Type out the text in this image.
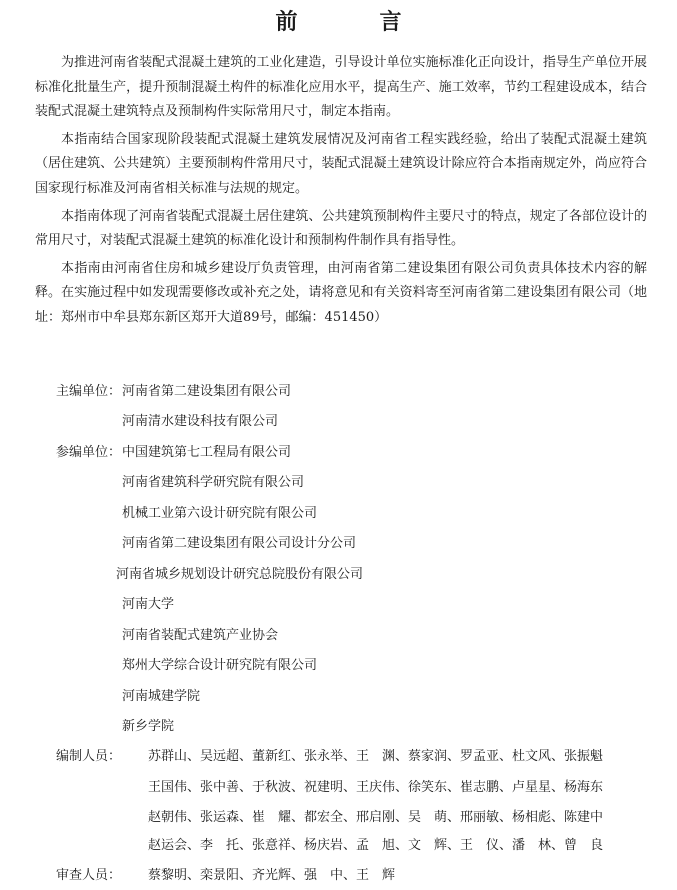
前　言

为推进河南省装配式混凝土建筑的工业化建造，引导设计单位实施标准化正向设计，指导生产单位开展标准化批量生产，提升预制混凝土构件的标准化应用水平，提高生产、施工效率，节约工程建设成本，结合装配式混凝土建筑特点及预制构件实际常用尺寸，制定本指南。

本指南结合国家现阶段装配式混凝土建筑发展情况及河南省工程实践经验，给出了装配式混凝土建筑（居住建筑、公共建筑）主要预制构件常用尺寸，装配式混凝土建筑设计除应符合本指南规定外，尚应符合国家现行标准及河南省相关标准与法规的规定。

本指南体现了河南省装配式混凝土居住建筑、公共建筑预制构件主要尺寸的特点，规定了各部位设计的常用尺寸，对装配式混凝土建筑的标准化设计和预制构件制作具有指导性。

本指南由河南省住房和城乡建设厅负责管理，由河南省第二建设集团有限公司负责具体技术内容的解释。在实施过程中如发现需要修改或补充之处，请将意见和有关资料寄至河南省第二建设集团有限公司（地址：郑州市中牟县郑东新区郑开大道89号，邮编：451450）

主编单位： 河南省第二建设集团有限公司
河南清水建设科技有限公司
参编单位： 中国建筑第七工程局有限公司
河南省建筑科学研究院有限公司
机械工业第六设计研究院有限公司
河南省第二建设集团有限公司设计分公司
河南省城乡规划设计研究总院股份有限公司
河南大学
河南省装配式建筑产业协会
郑州大学综合设计研究院有限公司
河南城建学院
新乡学院
编制人员： 苏群山、吴远超、董新红、张永举、王　渊、蔡家润、罗孟亚、杜文风、张振魁
王国伟、张中善、于秋波、祝建明、王庆伟、徐笑东、崔志鹏、卢星星、杨海东
赵朝伟、张运森、崔　耀、都宏全、邢启刚、吴　萌、邢丽敏、杨相彪、陈建中
赵运会、李　托、张意祥、杨庆岩、孟　旭、文　辉、王　仪、潘　林、曾　良
审查人员： 蔡黎明、栾景阳、齐光辉、强　中、王　辉
